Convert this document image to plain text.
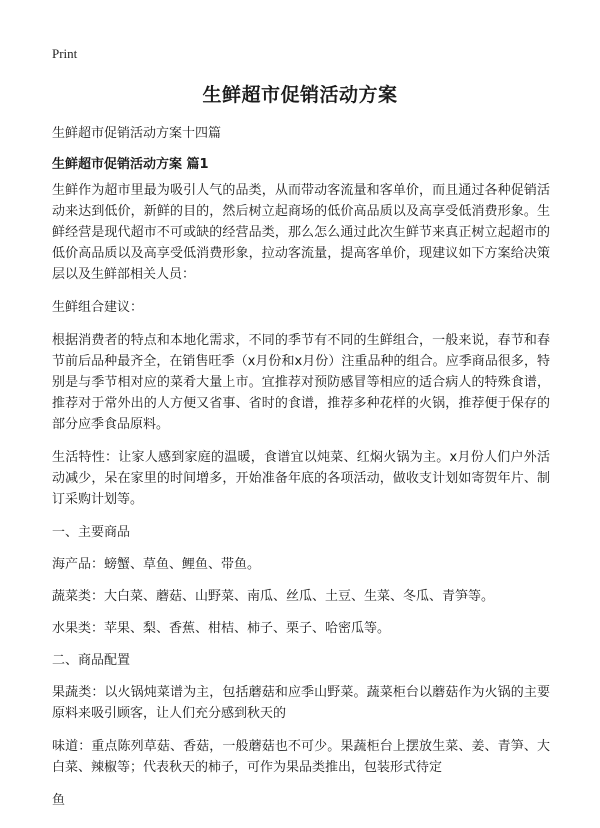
Print
生鲜超市促销活动方案

生鲜超市促销活动方案十四篇

生鲜超市促销活动方案 篇1

生鲜作为超市里最为吸引人气的品类，从而带动客流量和客单价，而且通过各种促销活动来达到低价，新鲜的目的，然后树立起商场的低价高品质以及高享受低消费形象。生鲜经营是现代超市不可或缺的经营品类，那么怎么通过此次生鲜节来真正树立起超市的低价高品质以及高享受低消费形象，拉动客流量，提高客单价，现建议如下方案给决策层以及生鲜部相关人员：

生鲜组合建议：

根据消费者的特点和本地化需求，不同的季节有不同的生鲜组合，一般来说，春节和春节前后品种最齐全，在销售旺季（x月份和x月份）注重品种的组合。应季商品很多，特别是与季节相对应的菜肴大量上市。宜推荐对预防感冒等相应的适合病人的特殊食谱，推荐对于常外出的人方便又省事、省时的食谱，推荐多种花样的火锅，推荐便于保存的部分应季食品原料。

生活特性：让家人感到家庭的温暖，食谱宜以炖菜、红焖火锅为主。x月份人们户外活动减少，呆在家里的时间增多，开始准备年底的各项活动，做收支计划如寄贺年片、制订采购计划等。

一、主要商品

海产品：螃蟹、草鱼、鲤鱼、带鱼。

蔬菜类：大白菜、蘑菇、山野菜、南瓜、丝瓜、土豆、生菜、冬瓜、青笋等。

水果类：苹果、梨、香蕉、柑桔、柿子、栗子、哈密瓜等。

二、商品配置

果蔬类：以火锅炖菜谱为主，包括蘑菇和应季山野菜。蔬菜柜台以蘑菇作为火锅的主要原料来吸引顾客，让人们充分感到秋天的

味道：重点陈列草菇、香菇，一般蘑菇也不可少。果蔬柜台上摆放生菜、姜、青笋、大白菜、辣椒等；代表秋天的柿子，可作为果品类推出，包装形式待定

鱼
